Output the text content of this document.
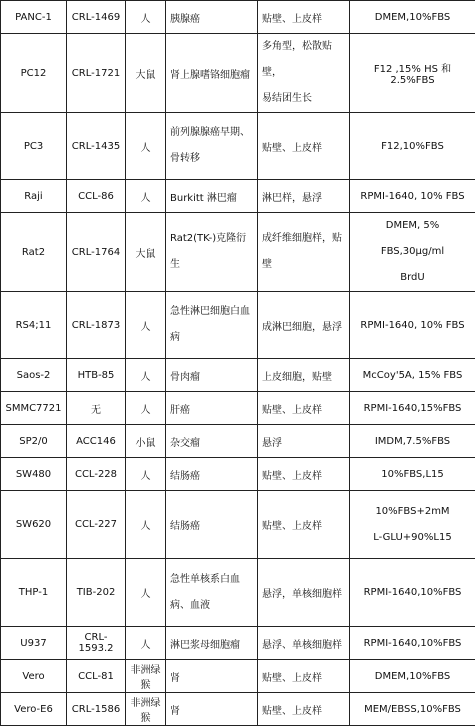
PANC-1	CRL-1469	人	胰腺癌	贴壁、上皮样	DMEM,10%FBS

PC12	CRL-1721	大鼠	肾上腺嗜铬细胞瘤	多角型，松散贴壁，
易结团生长	F12 ,15% HS 和 2.5%FBS

PC3	CRL-1435	人	前列腺腺癌早期、
骨转移	贴壁、上皮样	F12,10%FBS

Raji	CCL-86	人	Burkitt 淋巴瘤	淋巴样，悬浮	RPMI-1640, 10% FBS

Rat2	CRL-1764	大鼠	Rat2(TK-)克隆衍
生	成纤维细胞样，贴
壁	DMEM, 5% FBS,30μg/ml
BrdU

RS4;11	CRL-1873	人	急性淋巴细胞白血
病	成淋巴细胞，悬浮	RPMI-1640, 10% FBS

Saos-2	HTB-85	人	骨肉瘤	上皮细胞，贴壁	McCoy'5A, 15% FBS

SMMC7721	无	人	肝癌	贴壁、上皮样	RPMI-1640,15%FBS

SP2/0	ACC146	小鼠	杂交瘤	悬浮	IMDM,7.5%FBS

SW480	CCL-228	人	结肠癌	贴壁、上皮样	10%FBS,L15

SW620	CCL-227	人	结肠癌	贴壁、上皮样	10%FBS+2mM
L-GLU+90%L15

THP-1	TIB-202	人	急性单核系白血
病、血液	悬浮，单核细胞样	RPMI-1640,10%FBS

U937	CRL-1593.2	人	淋巴浆母细胞瘤	悬浮、单核细胞样	RPMI-1640,10%FBS

Vero	CCL-81	非洲绿猴	肾	贴壁、上皮样	DMEM,10%FBS

Vero-E6	CRL-1586	非洲绿猴	肾	贴壁、上皮样	MEM/EBSS,10%FBS
